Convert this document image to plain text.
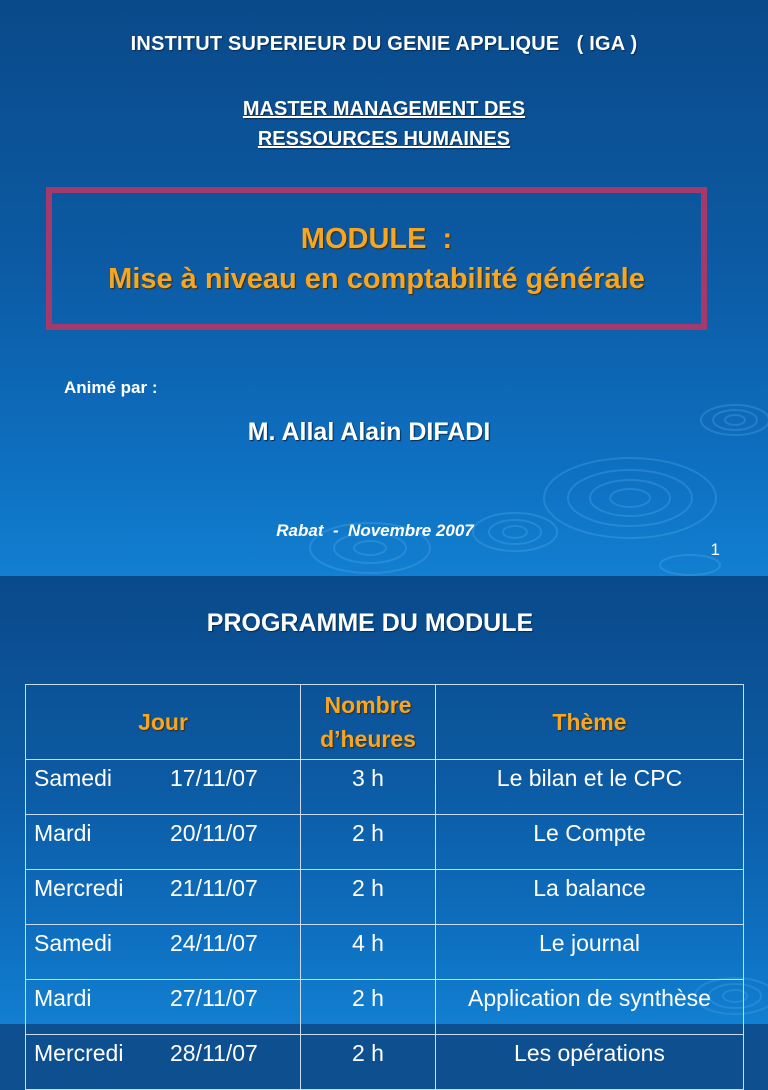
INSTITUT SUPERIEUR DU GENIE APPLIQUE   ( IGA )
MASTER MANAGEMENT DES
RESSOURCES HUMAINES
MODULE  :
Mise à niveau en comptabilité générale
Animé par :
M. Allal Alain DIFADI
Rabat  -  Novembre 2007
1
PROGRAMME DU MODULE
Jour	Nombre d’heures	Thème
Samedi 17/11/07	3 h	Le bilan et le CPC
Mardi 20/11/07	2 h	Le Compte
Mercredi 21/11/07	2 h	La balance
Samedi 24/11/07	4 h	Le journal
Mardi 27/11/07	2 h	Application de synthèse
Mercredi 28/11/07	2 h	Les opérations
